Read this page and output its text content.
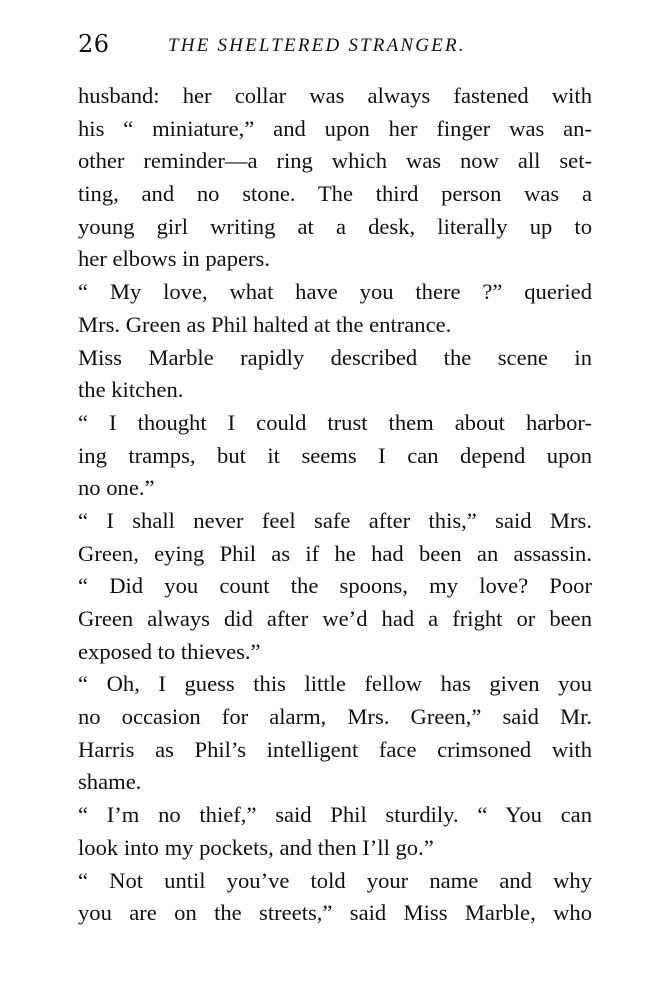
26	THE SHELTERED STRANGER.
husband: her collar was always fastened with
his “ miniature,” and upon her finger was an-
other reminder—a ring which was now all set-
ting, and no stone. The third person was a
young girl writing at a desk, literally up to
her elbows in papers.
“ My love, what have you there ?” queried
Mrs. Green as Phil halted at the entrance.
Miss Marble rapidly described the scene in
the kitchen.
“ I thought I could trust them about harbor-
ing tramps, but it seems I can depend upon
no one.”
“ I shall never feel safe after this,” said Mrs.
Green, eying Phil as if he had been an assassin.
“ Did you count the spoons, my love? Poor
Green always did after we’d had a fright or been
exposed to thieves.”
“ Oh, I guess this little fellow has given you
no occasion for alarm, Mrs. Green,” said Mr.
Harris as Phil’s intelligent face crimsoned with
shame.
“ I’m no thief,” said Phil sturdily. “ You can
look into my pockets, and then I’ll go.”
“ Not until you’ve told your name and why
you are on the streets,” said Miss Marble, who
